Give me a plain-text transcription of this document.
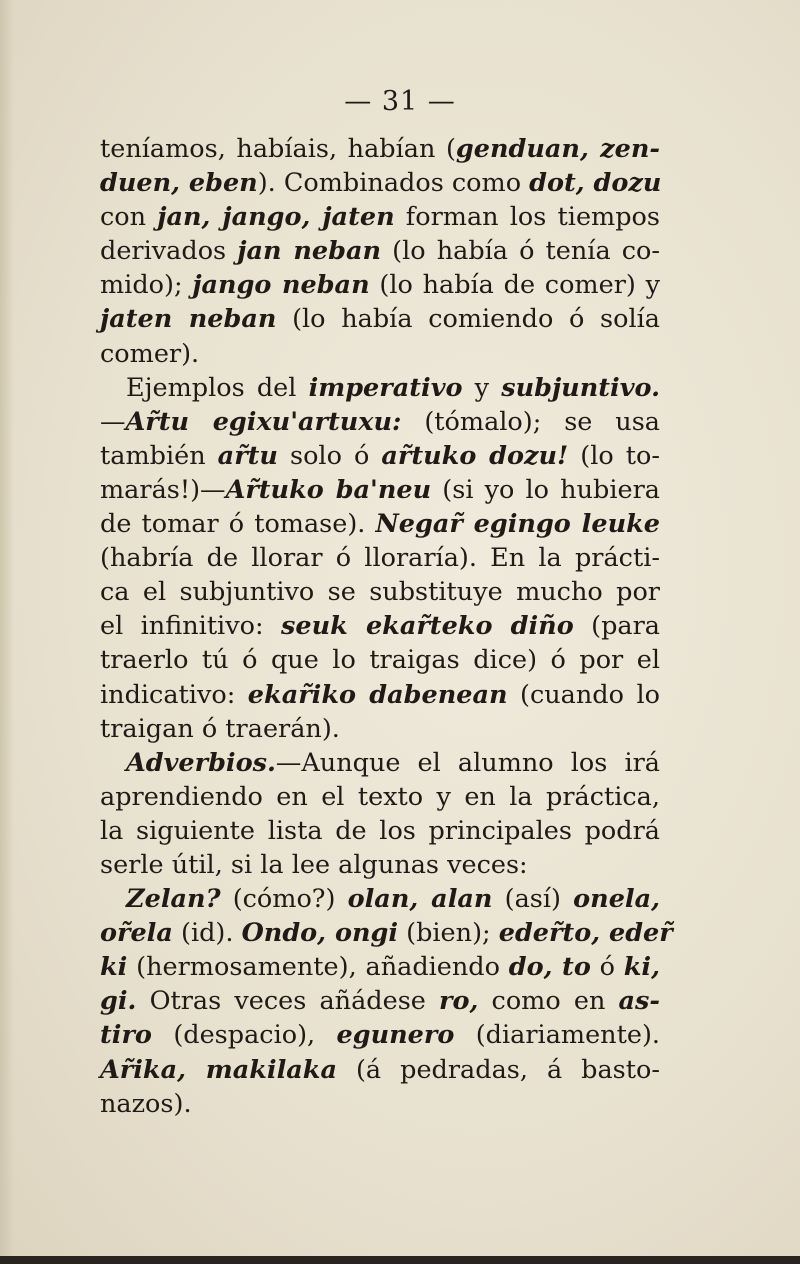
— 31 —
teníamos, habíais, habían (genduan, zen-
duen, eben). Combinados como dot, dozu
con jan, jango, jaten forman los tiempos
derivados jan neban (lo había ó tenía co-
mido); jango neban (lo había de comer) y
jaten neban (lo había comiendo ó solía
comer).
Ejemplos del imperativo y subjuntivo.
—Ar̃tu egixu'artuxu: (tómalo); se usa
también ar̃tu solo ó ar̃tuko dozu! (lo to-
marás!)—Ar̃tuko ba'neu (si yo lo hubiera
de tomar ó tomase). Negar̃ egingo leuke
(habría de llorar ó lloraría). En la prácti-
ca el subjuntivo se substituye mucho por
el infinitivo: seuk ekar̃teko diño (para
traerlo tú ó que lo traigas dice) ó por el
indicativo: ekar̃iko dabenean (cuando lo
traigan ó traerán).
Adverbios.—Aunque el alumno los irá
aprendiendo en el texto y en la práctica,
la siguiente lista de los principales podrá
serle útil, si la lee algunas veces:
Zelan? (cómo?) olan, alan (así) onela,
or̃ela (id). Ondo, ongi (bien); eder̃to, eder̃
ki (hermosamente), añadiendo do, to ó ki,
gi. Otras veces añádese ro, como en as-
tiro (despacio), egunero (diariamente).
Ar̃ika, makilaka (á pedradas, á basto-
nazos).
